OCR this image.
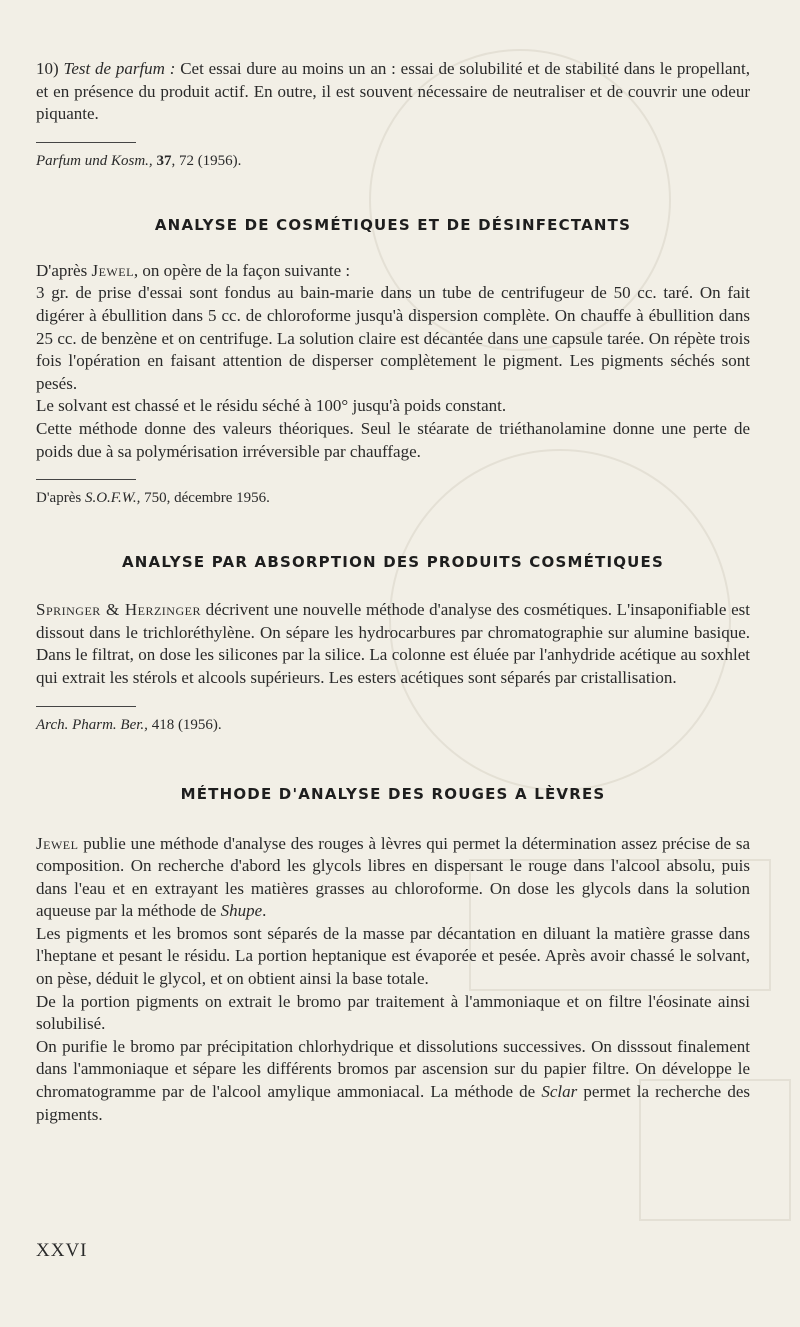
10) Test de parfum : Cet essai dure au moins un an : essai de solubilité et de stabilité dans le propellant, et en présence du produit actif. En outre, il est souvent nécessaire de neutraliser et de couvrir une odeur piquante.

Parfum und Kosm., 37, 72 (1956).

ANALYSE DE COSMÉTIQUES ET DE DÉSINFECTANTS

D'après Jewel, on opère de la façon suivante :

3 gr. de prise d'essai sont fondus au bain-marie dans un tube de centrifugeur de 50 cc. taré. On fait digérer à ébullition dans 5 cc. de chloroforme jusqu'à dispersion complète. On chauffe à ébullition dans 25 cc. de benzène et on centrifuge. La solution claire est décantée dans une capsule tarée. On répète trois fois l'opération en faisant attention de disperser complètement le pigment. Les pigments séchés sont pesés.

Le solvant est chassé et le résidu séché à 100° jusqu'à poids constant.

Cette méthode donne des valeurs théoriques. Seul le stéarate de triéthanolamine donne une perte de poids due à sa polymérisation irréversible par chauffage.

D'après S.O.F.W., 750, décembre 1956.

ANALYSE PAR ABSORPTION DES PRODUITS COSMÉTIQUES

Springer & Herzinger décrivent une nouvelle méthode d'analyse des cosmétiques. L'insaponifiable est dissout dans le trichloréthylène. On sépare les hydrocarbures par chromatographie sur alumine basique. Dans le filtrat, on dose les silicones par la silice. La colonne est éluée par l'anhydride acétique au soxhlet qui extrait les stérols et alcools supérieurs. Les esters acétiques sont séparés par cristallisation.

Arch. Pharm. Ber., 418 (1956).

MÉTHODE D'ANALYSE DES ROUGES A LÈVRES

Jewel publie une méthode d'analyse des rouges à lèvres qui permet la détermination assez précise de sa composition. On recherche d'abord les glycols libres en dispersant le rouge dans l'alcool absolu, puis dans l'eau et en extrayant les matières grasses au chloroforme. On dose les glycols dans la solution aqueuse par la méthode de Shupe.

Les pigments et les bromos sont séparés de la masse par décantation en diluant la matière grasse dans l'heptane et pesant le résidu. La portion heptanique est évaporée et pesée. Après avoir chassé le solvant, on pèse, déduit le glycol, et on obtient ainsi la base totale.

De la portion pigments on extrait le bromo par traitement à l'ammoniaque et on filtre l'éosinate ainsi solubilisé.

On purifie le bromo par précipitation chlorhydrique et dissolutions successives. On disssout finalement dans l'ammoniaque et sépare les différents bromos par ascension sur du papier filtre. On développe le chromatogramme par de l'alcool amylique ammoniacal. La méthode de Sclar permet la recherche des pigments.

XXVI
